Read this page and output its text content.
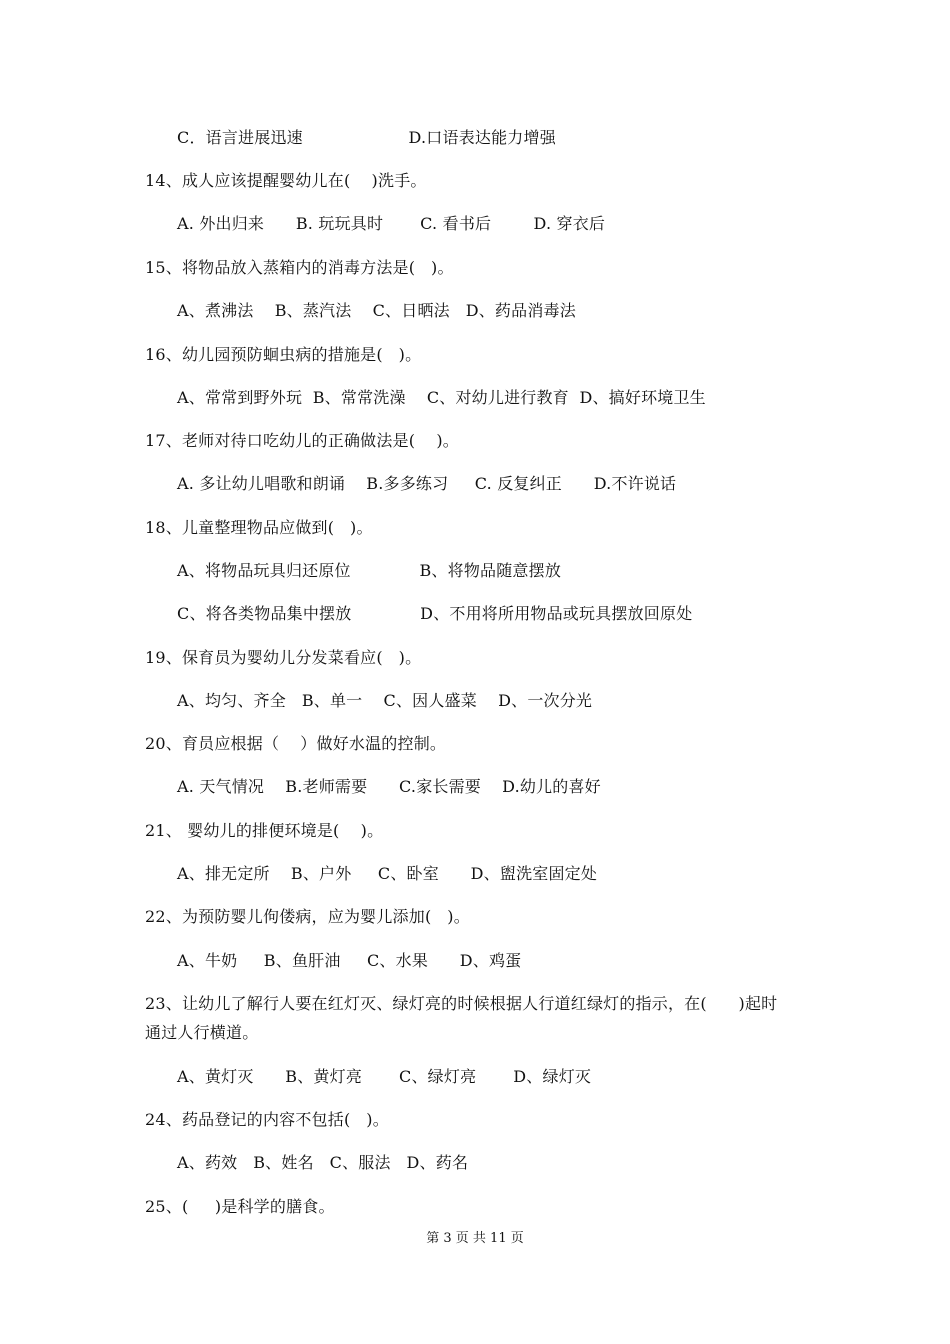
C．语言进展迅速                    D.口语表达能力增强
14、成人应该提醒婴幼儿在(    )洗手。
A. 外出归来      B. 玩玩具时       C. 看书后        D. 穿衣后
15、将物品放入蒸箱内的消毒方法是(   )。
A、煮沸法    B、蒸汽法    C、日晒法   D、药品消毒法
16、幼儿园预防蛔虫病的措施是(   )。
A、常常到野外玩  B、常常洗澡    C、对幼儿进行教育  D、搞好环境卫生
17、老师对待口吃幼儿的正确做法是(    )。
A. 多让幼儿唱歌和朗诵    B.多多练习     C. 反复纠正      D.不许说话
18、儿童整理物品应做到(   )。
A、将物品玩具归还原位             B、将物品随意摆放
C、将各类物品集中摆放             D、不用将所用物品或玩具摆放回原处
19、保育员为婴幼儿分发菜看应(   )。
A、均匀、齐全   B、单一    C、因人盛菜    D、一次分光
20、育员应根据（    ）做好水温的控制。
A. 天气情况    B.老师需要      C.家长需要    D.幼儿的喜好
21、 婴幼儿的排便环境是(    )。
A、排无定所    B、户外     C、卧室      D、盥洗室固定处
22、为预防婴儿佝偻病，应为婴儿添加(   )。
A、牛奶     B、鱼肝油     C、水果      D、鸡蛋
23、让幼儿了解行人要在红灯灭、绿灯亮的时候根据人行道红绿灯的指示，在(      )起时
通过人行横道。
A、黄灯灭      B、黄灯亮       C、绿灯亮       D、绿灯灭
24、药品登记的内容不包括(   )。
A、药效   B、姓名   C、服法   D、药名
25、(     )是科学的膳食。
第 3 页 共 11 页
